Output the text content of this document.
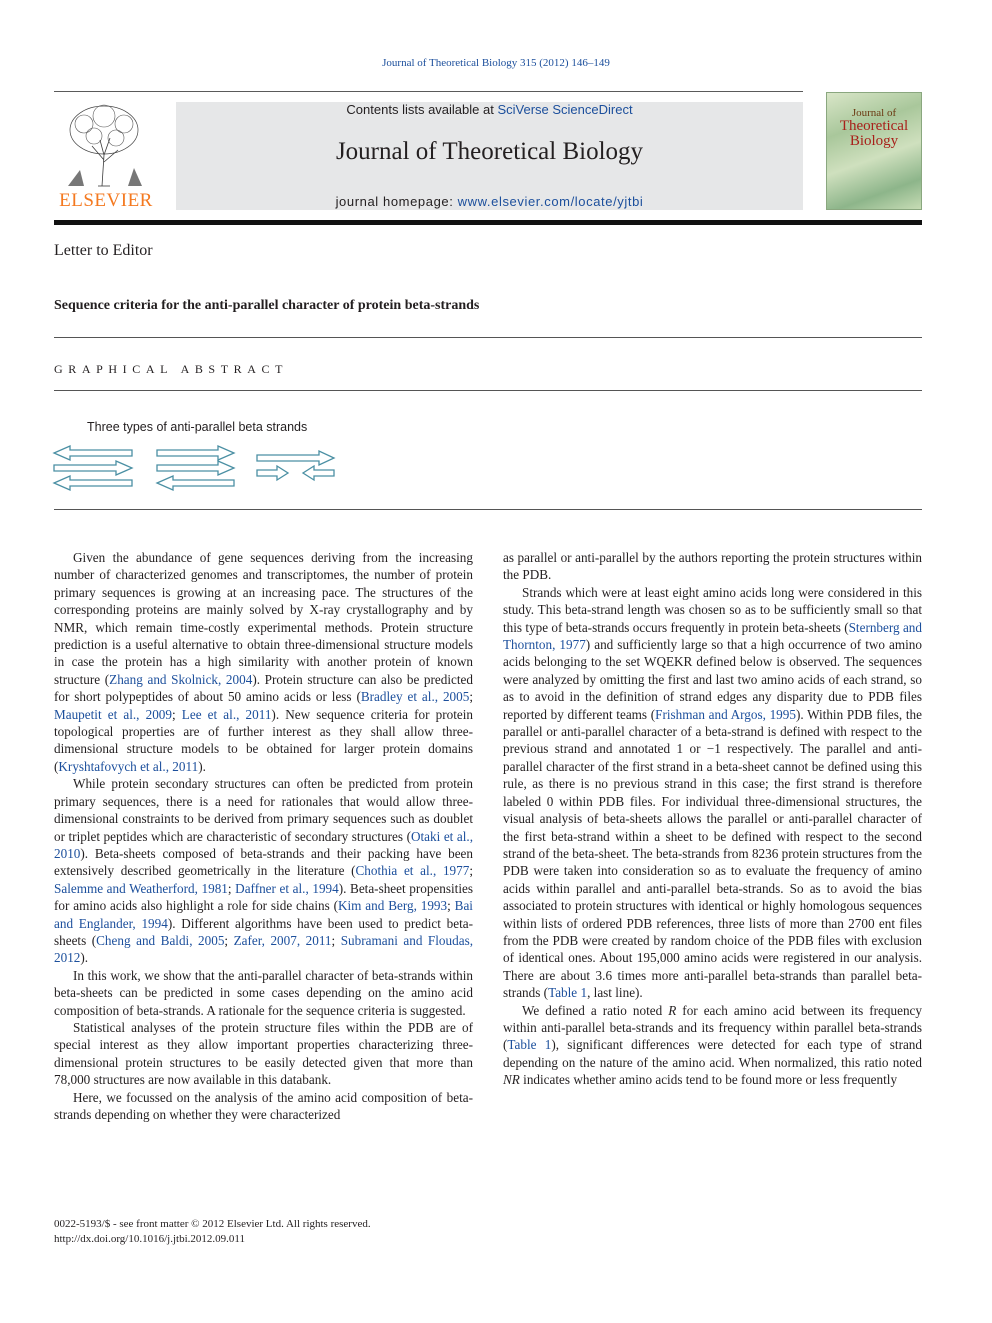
Journal of Theoretical Biology 315 (2012) 146–149
ELSEVIER
Contents lists available at SciVerse ScienceDirect
Journal of Theoretical Biology
journal homepage: www.elsevier.com/locate/yjtbi
Journal of
Theoretical
Biology
Letter to Editor
Sequence criteria for the anti-parallel character of protein beta-strands
GRAPHICAL ABSTRACT
Three types of anti-parallel beta strands

Given the abundance of gene sequences deriving from the increasing number of characterized genomes and transcriptomes, the number of protein primary sequences is growing at an increasing pace. The structures of the corresponding proteins are mainly solved by X-ray crystallography and by NMR, which remain time-costly experimental methods. Protein structure prediction is a useful alternative to obtain three-dimensional structure models in case the protein has a high similarity with another protein of known structure (Zhang and Skolnick, 2004). Protein structure can also be predicted for short polypeptides of about 50 amino acids or less (Bradley et al., 2005; Maupetit et al., 2009; Lee et al., 2011). New sequence criteria for protein topological properties are of further interest as they shall allow three-dimensional structure models to be obtained for larger protein domains (Kryshtafovych et al., 2011).

While protein secondary structures can often be predicted from protein primary sequences, there is a need for rationales that would allow three-dimensional constraints to be derived from primary sequences such as doublet or triplet peptides which are characteristic of secondary structures (Otaki et al., 2010). Beta-sheets composed of beta-strands and their packing have been extensively described geometrically in the literature (Chothia et al., 1977; Salemme and Weatherford, 1981; Daffner et al., 1994). Beta-sheet propensities for amino acids also highlight a role for side chains (Kim and Berg, 1993; Bai and Englander, 1994). Different algorithms have been used to predict beta-sheets (Cheng and Baldi, 2005; Zafer, 2007, 2011; Subramani and Floudas, 2012).

In this work, we show that the anti-parallel character of beta-strands within beta-sheets can be predicted in some cases depending on the amino acid composition of beta-strands. A rationale for the sequence criteria is suggested.

Statistical analyses of the protein structure files within the PDB are of special interest as they allow important properties characterizing three-dimensional protein structures to be easily detected given that more than 78,000 structures are now available in this databank.

Here, we focussed on the analysis of the amino acid composition of beta-strands depending on whether they were characterized

as parallel or anti-parallel by the authors reporting the protein structures within the PDB.

Strands which were at least eight amino acids long were considered in this study. This beta-strand length was chosen so as to be sufficiently small so that this type of beta-strands occurs frequently in protein beta-sheets (Sternberg and Thornton, 1977) and sufficiently large so that a high occurrence of two amino acids belonging to the set WQEKR defined below is observed. The sequences were analyzed by omitting the first and last two amino acids of each strand, so as to avoid in the definition of strand edges any disparity due to PDB files reported by different teams (Frishman and Argos, 1995). Within PDB files, the parallel or anti-parallel character of a beta-strand is defined with respect to the previous strand and annotated 1 or −1 respectively. The parallel and anti-parallel character of the first strand in a beta-sheet cannot be defined using this rule, as there is no previous strand in this case; the first strand is therefore labeled 0 within PDB files. For individual three-dimensional structures, the visual analysis of beta-sheets allows the parallel or anti-parallel character of the first beta-strand within a sheet to be defined with respect to the second strand of the beta-sheet. The beta-strands from 8236 protein structures from the PDB were taken into consideration so as to evaluate the frequency of amino acids within parallel and anti-parallel beta-strands. So as to avoid the bias associated to protein structures with identical or highly homologous sequences within lists of ordered PDB references, three lists of more than 2700 ent files from the PDB were created by random choice of the PDB files with exclusion of identical ones. About 195,000 amino acids were registered in our analysis. There are about 3.6 times more anti-parallel beta-strands than parallel beta-strands (Table 1, last line).

We defined a ratio noted R for each amino acid between its frequency within anti-parallel beta-strands and its frequency within parallel beta-strands (Table 1), significant differences were detected for each type of strand depending on the nature of the amino acid. When normalized, this ratio noted NR indicates whether amino acids tend to be found more or less frequently

0022-5193/$ - see front matter © 2012 Elsevier Ltd. All rights reserved.
http://dx.doi.org/10.1016/j.jtbi.2012.09.011
